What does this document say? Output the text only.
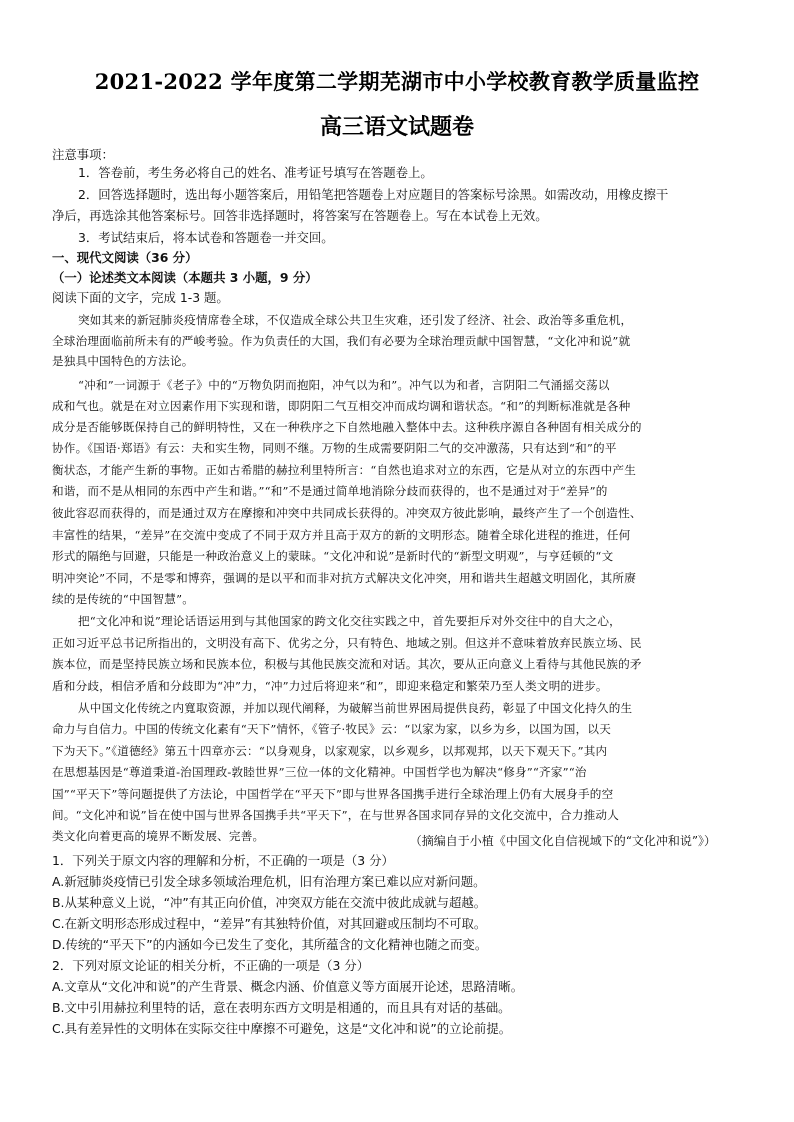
2021-2022 学年度第二学期芜湖市中小学校教育教学质量监控
高三语文试题卷
注意事项：
1．答卷前，考生务必将自己的姓名、准考证号填写在答题卷上。
2．回答选择题时，选出每小题答案后，用铅笔把答题卷上对应题目的答案标号涂黑。如需改动，用橡皮擦干
净后，再选涂其他答案标号。回答非选择题时，将答案写在答题卷上。写在本试卷上无效。
3．考试结束后，将本试卷和答题卷一并交回。
一、现代文阅读（36 分）
（一）论述类文本阅读（本题共 3 小题，9 分）
阅读下面的文字，完成 1-3 题。
突如其来的新冠肺炎疫情席卷全球，不仅造成全球公共卫生灾难，还引发了经济、社会、政治等多重危机，
全球治理面临前所未有的严峻考验。作为负责任的大国，我们有必要为全球治理贡献中国智慧，“文化冲和说”就
是独具中国特色的方法论。
“冲和”一词源于《老子》中的“万物负阴而抱阳，冲气以为和”。冲气以为和者，言阴阳二气涌摇交荡以
成和气也。就是在对立因素作用下实现和谐，即阴阳二气互相交冲而成均调和谐状态。“和”的判断标准就是各种
成分是否能够既保持自己的鲜明特性，又在一种秩序之下自然地融入整体中去。这种秩序源自各种固有相关成分的
协作。《国语·郑语》有云：夫和实生物，同则不继。万物的生成需要阴阳二气的交冲激荡，只有达到“和”的平
衡状态，才能产生新的事物。正如古希腊的赫拉利里特所言：“自然也追求对立的东西，它是从对立的东西中产生
和谐，而不是从相同的东西中产生和谐。”“和”不是通过简单地消除分歧而获得的，也不是通过对于“差异”的
彼此容忍而获得的，而是通过双方在摩擦和冲突中共同成长获得的。冲突双方彼此影响，最终产生了一个创造性、
丰富性的结果，“差异”在交流中变成了不同于双方并且高于双方的新的文明形态。随着全球化进程的推进，任何
形式的隔绝与回避，只能是一种政治意义上的蒙昧。“文化冲和说”是新时代的“新型文明观”，与亨廷顿的“文
明冲突论”不同，不是零和博弈，强调的是以平和而非对抗方式解决文化冲突，用和谐共生超越文明固化，其所赓
续的是传统的“中国智慧”。
把“文化冲和说”理论话语运用到与其他国家的跨文化交往实践之中，首先要拒斥对外交往中的自大之心，
正如习近平总书记所指出的，文明没有高下、优劣之分，只有特色、地域之别。但这并不意味着放弃民族立场、民
族本位，而是坚持民族立场和民族本位，积极与其他民族交流和对话。其次，要从正向意义上看待与其他民族的矛
盾和分歧，相信矛盾和分歧即为“冲”力，“冲”力过后将迎来“和”，即迎来稳定和繁荣乃至人类文明的进步。
从中国文化传统之内寬取资源，并加以现代阐释，为破解当前世界困局提供良药，彰显了中国文化持久的生
命力与自信力。中国的传统文化素有“天下”情怀，《管子·牧民》云：“以家为家，以乡为乡，以国为国，以天
下为天下。”《道德经》第五十四章亦云：“以身观身，以家观家，以乡观乡，以邦观邦，以天下观天下。”其内
在思想基因是“尊道秉道-治国理政-敦睦世界”三位一体的文化精神。中国哲学也为解决“修身”“齐家”“治
国”“平天下”等问题提供了方法论，中国哲学在“平天下”即与世界各国携手进行全球治理上仍有大展身手的空
间。“文化冲和说”旨在使中国与世界各国携手共“平天下”，在与世界各国求同存异的文化交流中，合力推动人
类文化向着更高的境界不断发展、完善。	（摘编自于小植《中国文化自信视域下的“文化冲和说”》）
1．下列关于原文内容的理解和分析，不正确的一项是（3 分）
A.新冠肺炎疫情已引发全球多领域治理危机，旧有治理方案已难以应对新问题。
B.从某种意义上说，“冲”有其正向价值，冲突双方能在交流中彼此成就与超越。
C.在新文明形态形成过程中，“差异”有其独特价值，对其回避或压制均不可取。
D.传统的“平天下”的内涵如今已发生了变化，其所蕴含的文化精神也随之而变。
2．下列对原文论证的相关分析，不正确的一项是（3 分）
A.文章从“文化冲和说”的产生背景、概念内涵、价值意义等方面展开论述，思路清晰。
B.文中引用赫拉利里特的话，意在表明东西方文明是相通的，而且具有对话的基础。
C.具有差异性的文明体在实际交往中摩擦不可避免，这是“文化冲和说”的立论前提。
